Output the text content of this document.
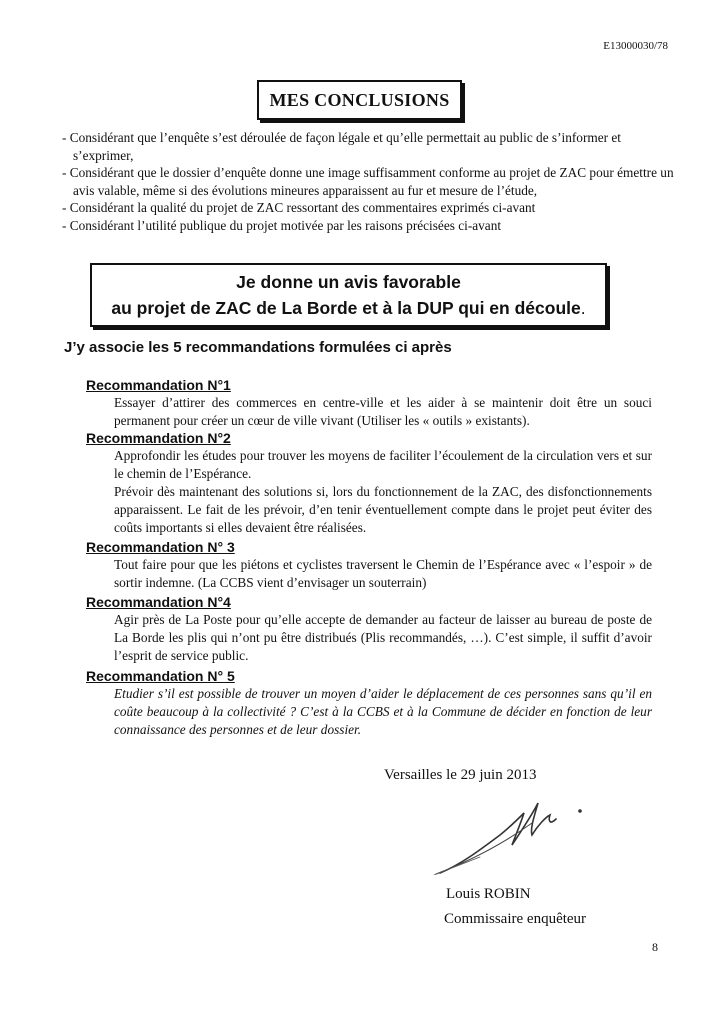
E13000030/78
MES CONCLUSIONS
- Considérant que l’enquête s’est déroulée de façon légale et qu’elle permettait au public de s’informer et s’exprimer,
- Considérant que le dossier d’enquête donne une image suffisamment conforme au projet de ZAC pour émettre un avis valable, même si des évolutions mineures apparaissent au fur et mesure de l’étude,
- Considérant la qualité du projet de ZAC ressortant des commentaires exprimés ci-avant
- Considérant l’utilité publique du projet motivée par les raisons précisées ci-avant
Je donne un avis favorable
au projet de ZAC de La Borde et à la DUP qui en découle.
J’y associe les 5 recommandations formulées ci après
Recommandation N°1

Essayer d’attirer des commerces en centre-ville et les aider à se maintenir doit être un souci permanent pour créer un cœur de ville vivant (Utiliser les « outils » existants).

Recommandation N°2

Approfondir les études pour trouver les moyens de faciliter l’écoulement de la circulation vers et sur le chemin de l’Espérance.

Prévoir dès maintenant des solutions si, lors du fonctionnement de la ZAC, des disfonctionnements apparaissent. Le fait de les prévoir, d’en tenir éventuellement compte dans le projet peut éviter des coûts importants si elles devaient être réalisées.

Recommandation N° 3

Tout faire pour que les piétons et cyclistes traversent le Chemin de l’Espérance avec « l’espoir » de sortir indemne. (La CCBS vient d’envisager un souterrain)

Recommandation N°4

Agir près de La Poste pour qu’elle accepte de demander au facteur de laisser au bureau de poste de La Borde les plis qui n’ont pu être distribués (Plis recommandés, …). C’est simple, il suffit d’avoir l’esprit de service public.

Recommandation N° 5

Etudier s’il est possible de trouver un moyen d’aider le déplacement de ces personnes sans qu’il en coûte beaucoup à la collectivité ? C’est à la CCBS et à la Commune de décider en fonction de leur connaissance des personnes et de leur dossier.

Versailles le 29 juin 2013
Louis ROBIN
Commissaire enquêteur
8
